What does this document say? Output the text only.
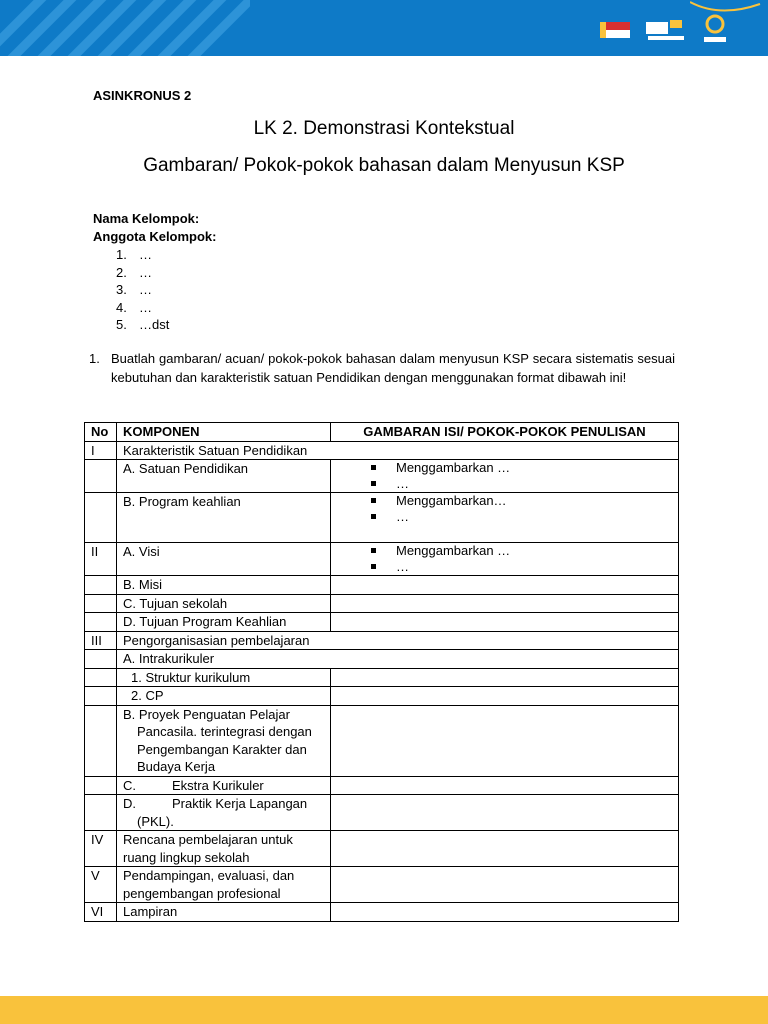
ASINKRONUS 2
LK 2. Demonstrasi Kontekstual
Gambaran/ Pokok-pokok bahasan dalam Menyusun KSP
Nama Kelompok:
Anggota Kelompok:
1. …
2. …
3. …
4. …
5. …dst
1. Buatlah gambaran/ acuan/ pokok-pokok bahasan dalam menyusun KSP secara sistematis sesuai kebutuhan dan karakteristik satuan Pendidikan dengan menggunakan format dibawah ini!
No	KOMPONEN	GAMBARAN ISI/ POKOK-POKOK PENULISAN
I	Karakteristik Satuan Pendidikan	
	A. Satuan Pendidikan	Menggambarkan …
…

	B. Program keahlian	Menggambarkan…
…

II	A. Visi	Menggambarkan …
…

	B. Misi	
	C. Tujuan sekolah	
	D. Tujuan Program Keahlian	
III	Pengorganisasian pembelajaran	
	A. Intrakurikuler	
	1. Struktur kurikulum	
	2. CP	

	B. Proyek Penguatan Pelajar Pancasila. terintegrasi dengan Pengembangan Karakter dan Budaya Kerja	

	C. Ekstra Kurikuler	

	D. Praktik Kerja Lapangan (PKL).	

IV	Rencana pembelajaran untuk ruang lingkup sekolah	
V	Pendampingan, evaluasi, dan pengembangan profesional	
VI	Lampiran	
